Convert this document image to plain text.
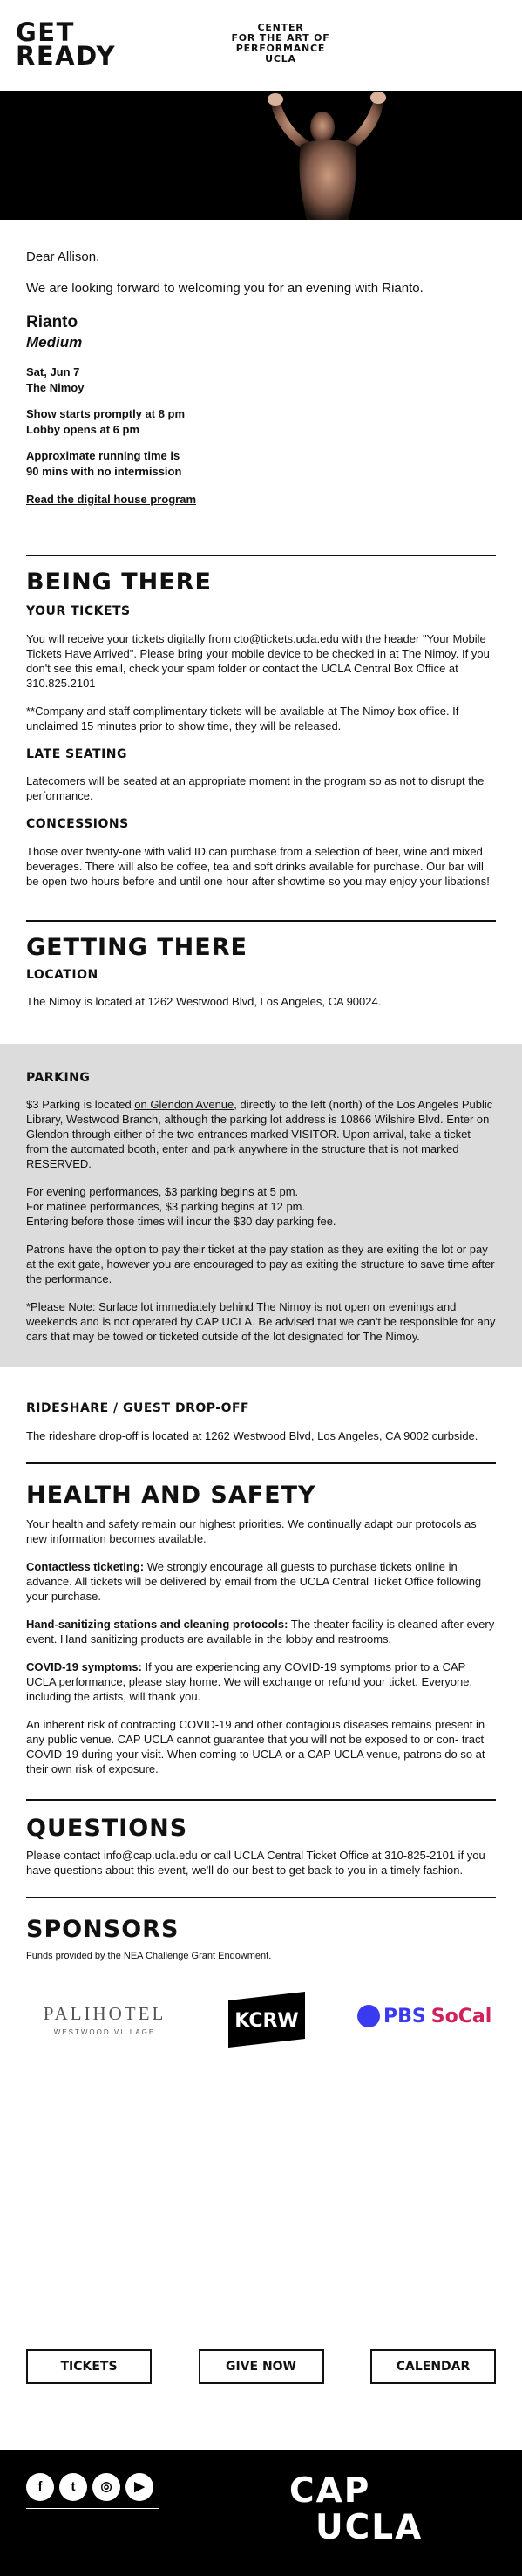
GET
READY
CENTER
FOR THE ART OF
PERFORMANCE
UCLA
Dear Allison,
We are looking forward to welcoming you for an evening with Rianto.
Rianto
Medium
Sat, Jun 7
The Nimoy
Show starts promptly at 8 pm
Lobby opens at 6 pm
Approximate running time is
90 mins with no intermission
Read the digital house program
BEING THERE
YOUR TICKETS

You will receive your tickets digitally from cto@tickets.ucla.edu with the header "Your Mobile Tickets Have Arrived". Please bring your mobile device to be checked in at The Nimoy. If you don't see this email, check your spam folder or contact the UCLA Central Box Office at 310.825.2101

**Company and staff complimentary tickets will be available at The Nimoy box office. If unclaimed 15 minutes prior to show time, they will be released.

LATE SEATING

Latecomers will be seated at an appropriate moment in the program so as not to disrupt the performance.

CONCESSIONS

Those over twenty-one with valid ID can purchase from a selection of beer, wine and mixed beverages. There will also be coffee, tea and soft drinks available for purchase. Our bar will be open two hours before and until one hour after showtime so you may enjoy your libations!

GETTING THERE
LOCATION

The Nimoy is located at 1262 Westwood Blvd, Los Angeles, CA 90024.

PARKING

$3 Parking is located on Glendon Avenue, directly to the left (north) of the Los Angeles Public Library, Westwood Branch, although the parking lot address is 10866 Wilshire Blvd. Enter on Glendon through either of the two entrances marked VISITOR. Upon arrival, take a ticket from the automated booth, enter and park anywhere in the structure that is not marked RESERVED.

For evening performances, $3 parking begins at 5 pm.
For matinee performances, $3 parking begins at 12 pm.
Entering before those times will incur the $30 day parking fee.

Patrons have the option to pay their ticket at the pay station as they are exiting the lot or pay at the exit gate, however you are encouraged to pay as exiting the structure to save time after the performance.

*Please Note: Surface lot immediately behind The Nimoy is not open on evenings and weekends and is not operated by CAP UCLA. Be advised that we can't be responsible for any cars that may be towed or ticketed outside of the lot designated for The Nimoy.

RIDESHARE / GUEST DROP-OFF

The rideshare drop-off is located at 1262 Westwood Blvd, Los Angeles, CA 9002 curbside.

HEALTH AND SAFETY

Your health and safety remain our highest priorities. We continually adapt our protocols as new information becomes available.

Contactless ticketing: We strongly encourage all guests to purchase tickets online in advance. All tickets will be delivered by email from the UCLA Central Ticket Office following your purchase.

Hand-sanitizing stations and cleaning protocols: The theater facility is cleaned after every event. Hand sanitizing products are available in the lobby and restrooms.

COVID-19 symptoms: If you are experiencing any COVID-19 symptoms prior to a CAP UCLA performance, please stay home. We will exchange or refund your ticket. Everyone, including the artists, will thank you.

An inherent risk of contracting COVID-19 and other contagious diseases remains present in any public venue. CAP UCLA cannot guarantee that you will not be exposed to or con- tract COVID-19 during your visit. When coming to UCLA or a CAP UCLA venue, patrons do so at their own risk of exposure.

QUESTIONS

Please contact info@cap.ucla.edu or call UCLA Central Ticket Office at 310-825-2101 if you have questions about this event, we'll do our best to get back to you in a timely fashion.

SPONSORS

Funds provided by the NEA Challenge Grant Endowment.

PALIHOTEL
WESTWOOD VILLAGE
KCRW	PBS SoCal
TICKETS	GIVE NOW	CALENDAR
f	t	◎	▶	CAP
UCLA
